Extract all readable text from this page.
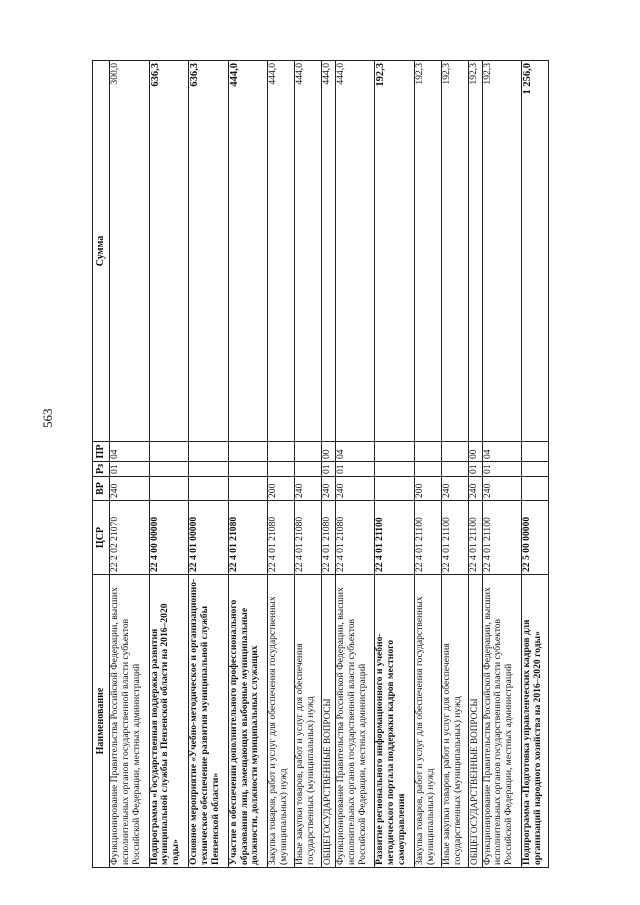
563
Наименование	ЦСР	ВР	Рз	ПР	Сумма
Функционирование Правительства Российской Федерации, высших исполнительных органов государственной власти субъектов Российской Федерации, местных администраций	22 2 02 21070	240	01	04	300,0
Подпрограмма «Государственная поддержка развития муниципальной службы в Пензенской области на 2016–2020 годы»	22 4 00 00000				636,3
Основное мероприятие «Учебно-методическое и организационно-техническое обеспечение развития муниципальной службы Пензенской области»	22 4 01 00000				636,3
Участие в обеспечении дополнительного профессионального образования лиц, замещающих выборные муниципальные должности, должности муниципальных служащих	22 4 01 21080				444,0
Закупка товаров, работ и услуг для обеспечения государственных (муниципальных) нужд	22 4 01 21080	200			444,0
Иные закупки товаров, работ и услуг для обеспечения государственных (муниципальных) нужд	22 4 01 21080	240			444,0
ОБЩЕГОСУДАРСТВЕННЫЕ ВОПРОСЫ	22 4 01 21080	240	01	00	444,0
Функционирование Правительства Российской Федерации, высших исполнительных органов государственной власти субъектов Российской Федерации, местных администраций	22 4 01 21080	240	01	04	444,0
Развитие регионального информационного и учебно-методического портала поддержки кадров местного самоуправления	22 4 01 21100				192,3
Закупка товаров, работ и услуг для обеспечения государственных (муниципальных) нужд	22 4 01 21100	200			192,3
Иные закупки товаров, работ и услуг для обеспечения государственных (муниципальных) нужд	22 4 01 21100	240			192,3
ОБЩЕГОСУДАРСТВЕННЫЕ ВОПРОСЫ	22 4 01 21100	240	01	00	192,3
Функционирование Правительства Российской Федерации, высших исполнительных органов государственной власти субъектов Российской Федерации, местных администраций	22 4 01 21100	240	01	04	192,3
Подпрограмма «Подготовка управленческих кадров для организаций народного хозяйства на 2016–2020 годы»	22 5 00 00000				1 256,0
